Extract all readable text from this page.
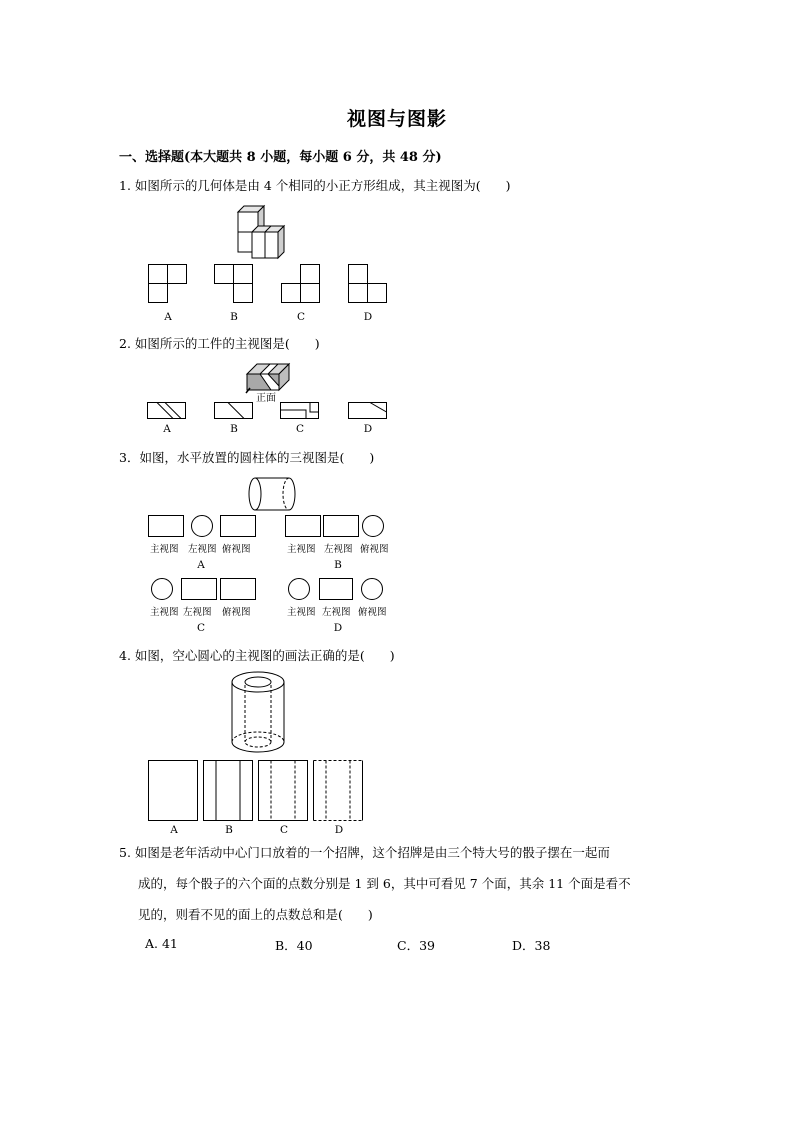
视图与图影
一、选择题(本大题共 8 小题，每小题 6 分，共 48 分)
1. 如图所示的几何体是由 4 个相同的小正方形组成，其主视图为(　　)
A	B	C	D
2. 如图所示的工件的主视图是(　　)
正面
A	B	C	D
3．如图，水平放置的圆柱体的三视图是(　　)
主视图 左视图 俯视图
A
主视图 左视图 俯视图
B
主视图 左视图 俯视图
C
主视图 左视图 俯视图
D
4. 如图，空心圆心的主视图的画法正确的是(　　)
A	B	C	D
5. 如图是老年活动中心门口放着的一个招牌，这个招牌是由三个特大号的骰子摆在一起而
成的，每个骰子的六个面的点数分别是 1 到 6，其中可看见 7 个面，其余 11 个面是看不
见的，则看不见的面上的点数总和是(　　)
A. 41	B．40	C．39	D．38
